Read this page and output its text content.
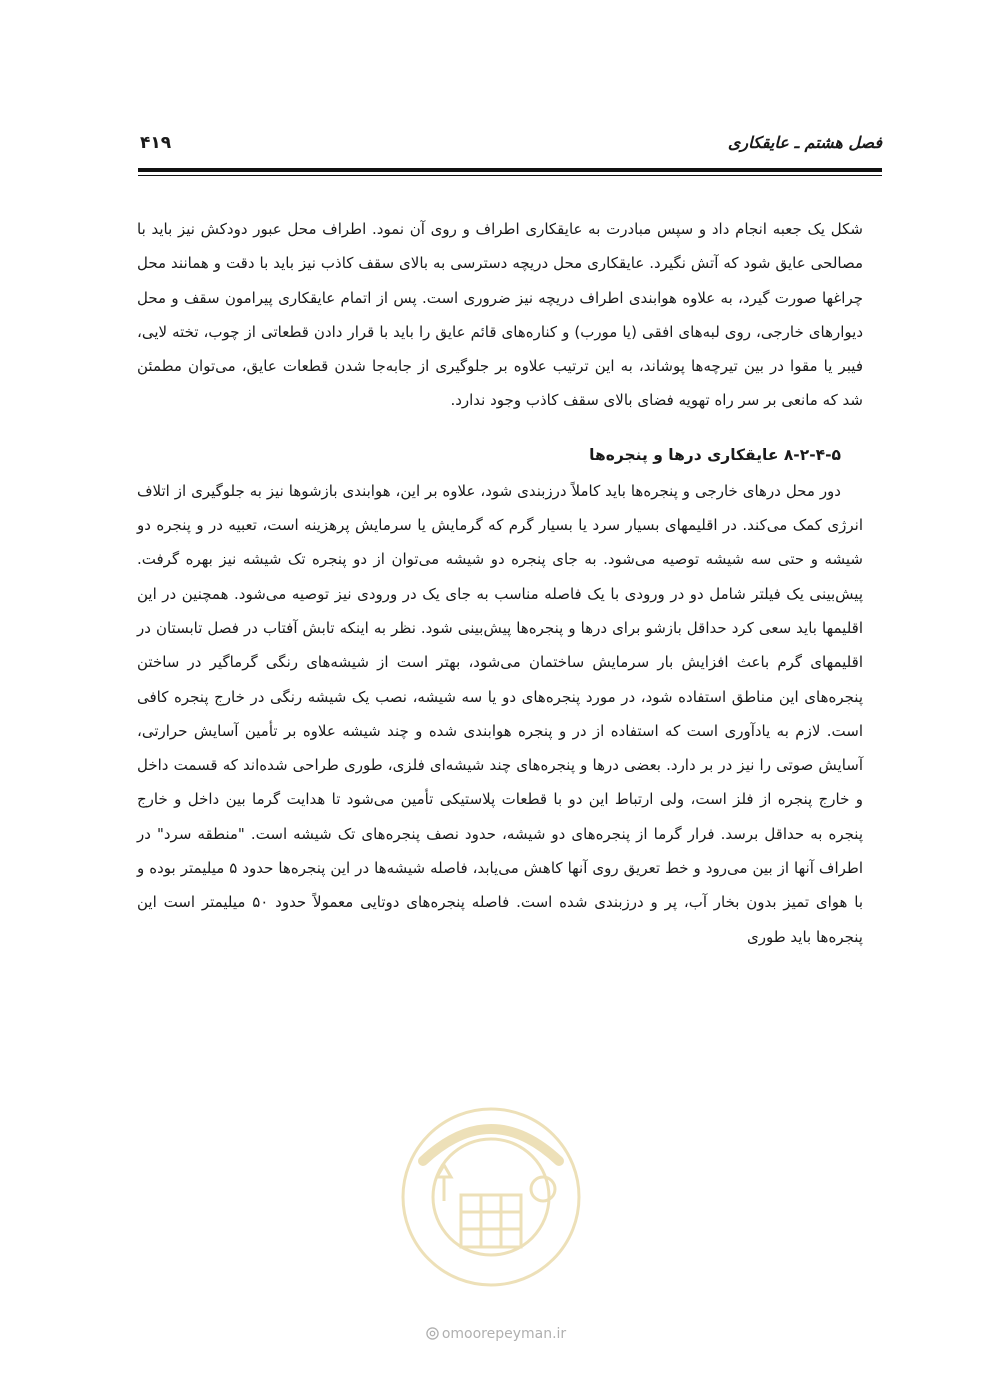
فصل هشتم ـ عایقکاری
۴۱۹

شکل یک جعبه انجام داد و سپس مبادرت به عایقکاری اطراف و روی آن نمود. اطراف محل عبور دودکش نیز باید با مصالحی عایق شود که آتش نگیرد. عایقکاری محل دریچه دسترسی به بالای سقف کاذب نیز باید با دقت و همانند محل چراغها صورت گیرد، به علاوه هوابندی اطراف دریچه نیز ضروری است. پس از اتمام عایقکاری پیرامون سقف و محل دیوارهای خارجی، روی لبه‌های افقی (یا مورب) و کناره‌های قائم عایق را باید با قرار دادن قطعاتی از چوب، تخته لایی، فیبر یا مقوا در بین تیرچه‌ها پوشاند، به این ترتیب علاوه بر جلوگیری از جابه‌جا شدن قطعات عایق، می‌توان مطمئن شد که مانعی بر سر راه تهویه فضای بالای سقف کاذب وجود ندارد.

۸-۲-۴-۵ عایقکاری درها و پنجره‌ها

دور محل درهای خارجی و پنجره‌ها باید کاملاً درزبندی شود، علاوه بر این، هوابندی بازشوها نیز به جلوگیری از اتلاف انرژی کمک می‌کند. در اقلیمهای بسیار سرد یا بسیار گرم که گرمایش یا سرمایش پرهزینه است، تعبیه در و پنجره دو شیشه و حتی سه شیشه توصیه می‌شود. به جای پنجره دو شیشه می‌توان از دو پنجره تک شیشه نیز بهره گرفت. پیش‌بینی یک فیلتر شامل دو در ورودی با یک فاصله مناسب به جای یک در ورودی نیز توصیه می‌شود. همچنین در این اقلیمها باید سعی کرد حداقل بازشو برای درها و پنجره‌ها پیش‌بینی شود. نظر به اینکه تابش آفتاب در فصل تابستان در اقلیمهای گرم باعث افزایش بار سرمایش ساختمان می‌شود، بهتر است از شیشه‌های رنگی گرماگیر در ساختن پنجره‌های این مناطق استفاده شود، در مورد پنجره‌های دو یا سه شیشه، نصب یک شیشه رنگی در خارج پنجره کافی است. لازم به یادآوری است که استفاده از در و پنجره هوابندی شده و چند شیشه علاوه بر تأمین آسایش حرارتی، آسایش صوتی را نیز در بر دارد. بعضی درها و پنجره‌های چند شیشه‌ای فلزی، طوری طراحی شده‌اند که قسمت داخل و خارج پنجره از فلز است، ولی ارتباط این دو با قطعات پلاستیکی تأمین می‌شود تا هدایت گرما بین داخل و خارج پنجره به حداقل برسد. فرار گرما از پنجره‌های دو شیشه، حدود نصف پنجره‌های تک شیشه است. "منطقه سرد" در اطراف آنها از بین می‌رود و خط تعریق روی آنها کاهش می‌یابد، فاصله شیشه‌ها در این پنجره‌ها حدود ۵ میلیمتر بوده و با هوای تمیز بدون بخار آب، پر و درزبندی شده است. فاصله پنجره‌های دوتایی معمولاً حدود ۵۰ میلیمتر است این پنجره‌ها باید طوری

omoorepeyman.ir
